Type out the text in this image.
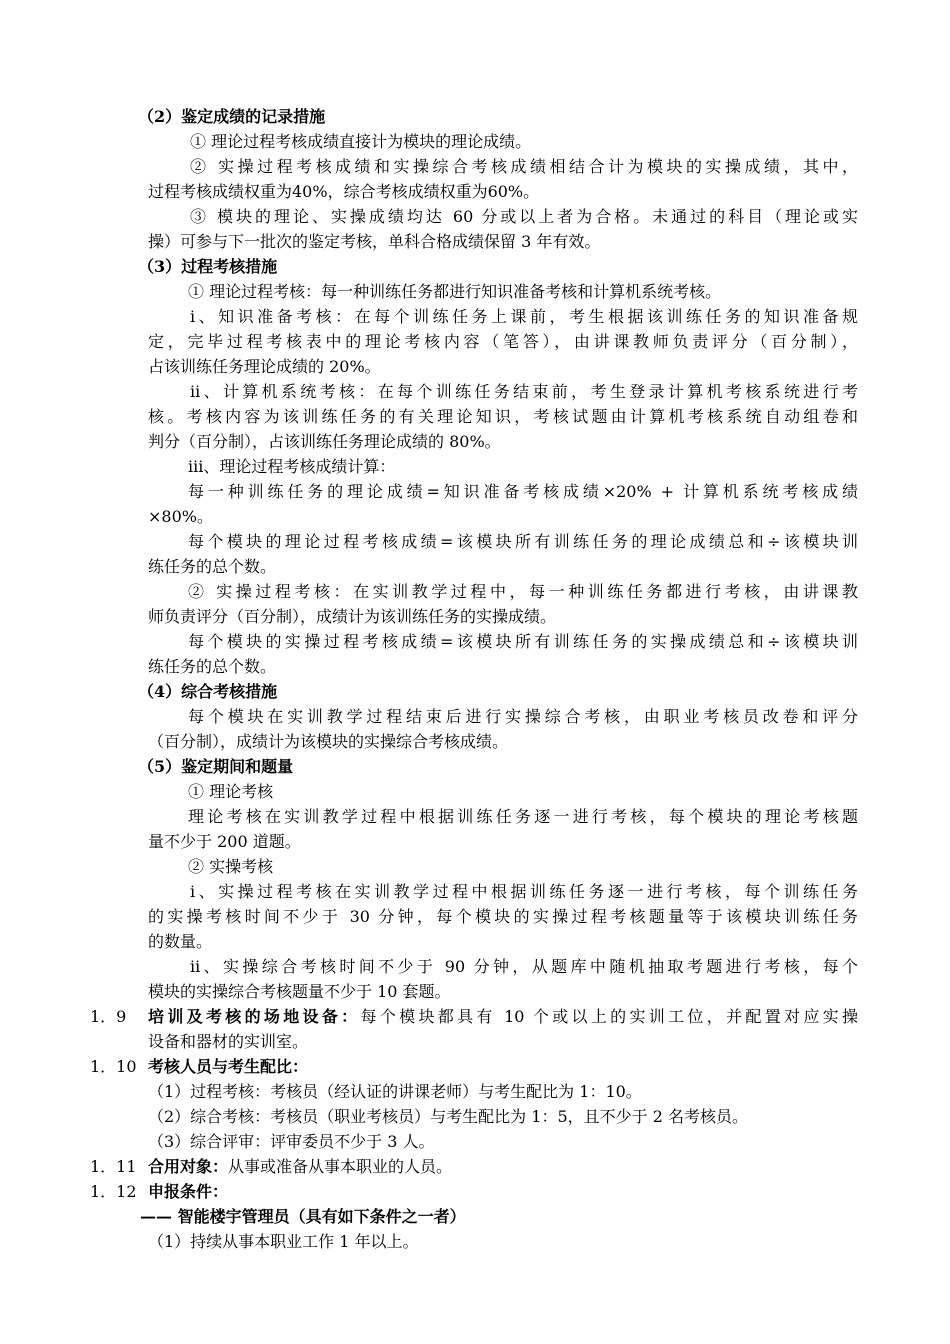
（2）鉴定成绩的记录措施
① 理论过程考核成绩直接计为模块的理论成绩。
② 实操过程考核成绩和实操综合考核成绩相结合计为模块的实操成绩，其中，
过程考核成绩权重为40%，综合考核成绩权重为60%。
③ 模块的理论、实操成绩均达 60 分或以上者为合格。未通过的科目（理论或实
操）可参与下一批次的鉴定考核，单科合格成绩保留 3 年有效。
（3）过程考核措施
① 理论过程考核：每一种训练任务都进行知识准备考核和计算机系统考核。
ⅰ、知识准备考核：在每个训练任务上课前，考生根据该训练任务的知识准备规
定，完毕过程考核表中的理论考核内容（笔答），由讲课教师负责评分（百分制），
占该训练任务理论成绩的 20%。
ⅱ、计算机系统考核：在每个训练任务结束前，考生登录计算机考核系统进行考
核。考核内容为该训练任务的有关理论知识，考核试题由计算机考核系统自动组卷和
判分（百分制），占该训练任务理论成绩的 80%。
ⅲ、理论过程考核成绩计算：
每一种训练任务的理论成绩=知识准备考核成绩×20% + 计算机系统考核成绩
×80%。
每个模块的理论过程考核成绩=该模块所有训练任务的理论成绩总和÷该模块训
练任务的总个数。
② 实操过程考核：在实训教学过程中，每一种训练任务都进行考核，由讲课教
师负责评分（百分制），成绩计为该训练任务的实操成绩。
每个模块的实操过程考核成绩=该模块所有训练任务的实操成绩总和÷该模块训
练任务的总个数。
（4）综合考核措施
每个模块在实训教学过程结束后进行实操综合考核，由职业考核员改卷和评分
（百分制），成绩计为该模块的实操综合考核成绩。
（5）鉴定期间和题量
① 理论考核
理论考核在实训教学过程中根据训练任务逐一进行考核，每个模块的理论考核题
量不少于 200 道题。
② 实操考核
ⅰ、实操过程考核在实训教学过程中根据训练任务逐一进行考核，每个训练任务
的实操考核时间不少于 30 分钟，每个模块的实操过程考核题量等于该模块训练任务
的数量。
ⅱ、实操综合考核时间不少于 90 分钟，从题库中随机抽取考题进行考核，每个
模块的实操综合考核题量不少于 10 套题。
1．9 培训及考核的场地设备：每个模块都具有 10 个或以上的实训工位，并配置对应实操
设备和器材的实训室。
1．10 考核人员与考生配比：
（1）过程考核：考核员（经认证的讲课老师）与考生配比为 1：10。
（2）综合考核：考核员（职业考核员）与考生配比为 1：5，且不少于 2 名考核员。
（3）综合评审：评审委员不少于 3 人。
1．11 合用对象：从事或准备从事本职业的人员。
1．12 申报条件：
—— 智能楼宇管理员（具有如下条件之一者）
（1）持续从事本职业工作 1 年以上。
